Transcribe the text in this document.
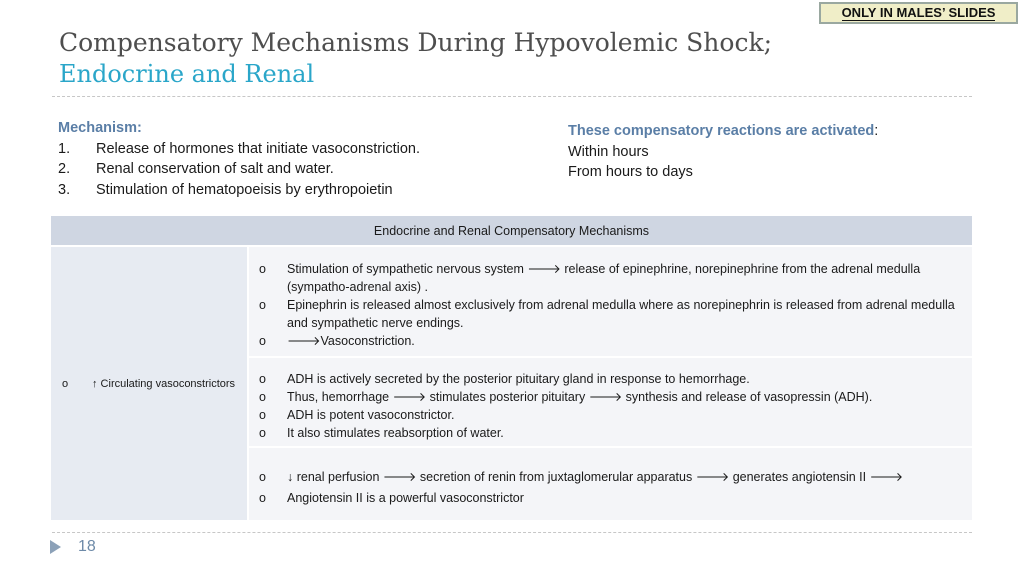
ONLY IN MALES’ SLIDES
Compensatory Mechanisms During Hypovolemic Shock;
Endocrine and Renal
Mechanism:
1.	Release of hormones that initiate vasoconstriction.
2.	Renal conservation of salt and water.
3.	Stimulation of hematopoeisis by erythropoietin
These compensatory reactions are activated:
Within hours
From hours to days
Endocrine and Renal Compensatory Mechanisms

o	↑ Circulating vasoconstrictors

o	Stimulation of sympathetic nervous system 🡒 release of epinephrine, norepinephrine from the adrenal medulla (sympatho-adrenal axis) .
o	Epinephrin is released almost exclusively from adrenal medulla where as norepinephrin is released from adrenal medulla and sympathetic nerve endings.
o	🡒Vasoconstriction.

o	ADH is actively secreted by the posterior pituitary gland in response to hemorrhage.
o	Thus, hemorrhage 🡒 stimulates posterior pituitary 🡒 synthesis and release of vasopressin (ADH).
o	ADH is potent vasoconstrictor.
o	It also stimulates reabsorption of water.

o	↓ renal perfusion 🡒 secretion of renin from juxtaglomerular apparatus 🡒 generates angiotensin II 🡒
o	Angiotensin II is a powerful vasoconstrictor
18
